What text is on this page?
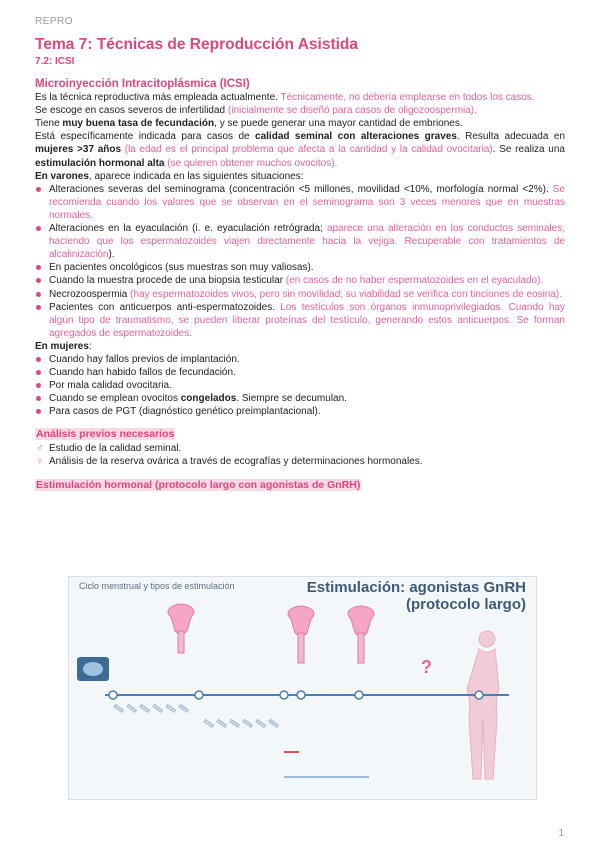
REPRO
Tema 7: Técnicas de Reproducción Asistida
7.2: ICSI
Microinyección Intracitoplásmica (ICSI)

Es la técnica reproductiva más empleada actualmente. Técnicamente, no debería emplearse en todos los casos.

Se escoge en casos severos de infertilidad (inicialmente se diseñó para casos de oligozoospermia).

Tiene muy buena tasa de fecundación, y se puede generar una mayor cantidad de embriones.

Está específicamente indicada para casos de calidad seminal con alteraciones graves. Resulta adecuada en mujeres >37 años (la edad es el principal problema que afecta a la cantidad y la calidad ovocitaria). Se realiza una estimulación hormonal alta (se quieren obtener muchos ovocitos).

En varones, aparece indicada en las siguientes situaciones:

Alteraciones severas del seminograma (concentración <5 millones, movilidad <10%, morfología normal <2%). Se recomienda cuando los valores que se observan en el seminograma son 3 veces menores que en muestras normales.
Alteraciones en la eyaculación (i. e. eyaculación retrógrada; aparece una alteración en los conductos seminales, haciendo que los espermatozoides viajen directamente hacia la vejiga. Recuperable con tratamientos de alcalinización).
En pacientes oncológicos (sus muestras son muy valiosas).
Cuando la muestra procede de una biopsia testicular (en casos de no haber espermatozoides en el eyaculado).
Necrozoospermia (hay espermatozoides vivos, pero sin movilidad; su viabilidad se verifica con tinciones de eosina).
Pacientes con anticuerpos anti-espermatozoides. Los testículos son órganos inmunoprivilegiados. Cuando hay algún tipo de traumatismo, se pueden liberar proteínas del testículo, generando estos anticuerpos. Se forman agregados de espermatozoides.

En mujeres:

Cuando hay fallos previos de implantación.
Cuando han habido fallos de fecundación.
Por mala calidad ovocitaria.
Cuando se emplean ovocitos congelados. Siempre se decumulan.
Para casos de PGT (diagnóstico genético preimplantacional).
Análisis previos necesarios
♂ Estudio de la calidad seminal.
♀ Análisis de la reserva ovárica a través de ecografías y determinaciones hormonales.
Estimulación hormonal (protocolo largo con agonistas de GnRH)
Ciclo menstrual y tipos de estimulación	Estimulación: agonistas GnRH
(protocolo largo)
?
1
